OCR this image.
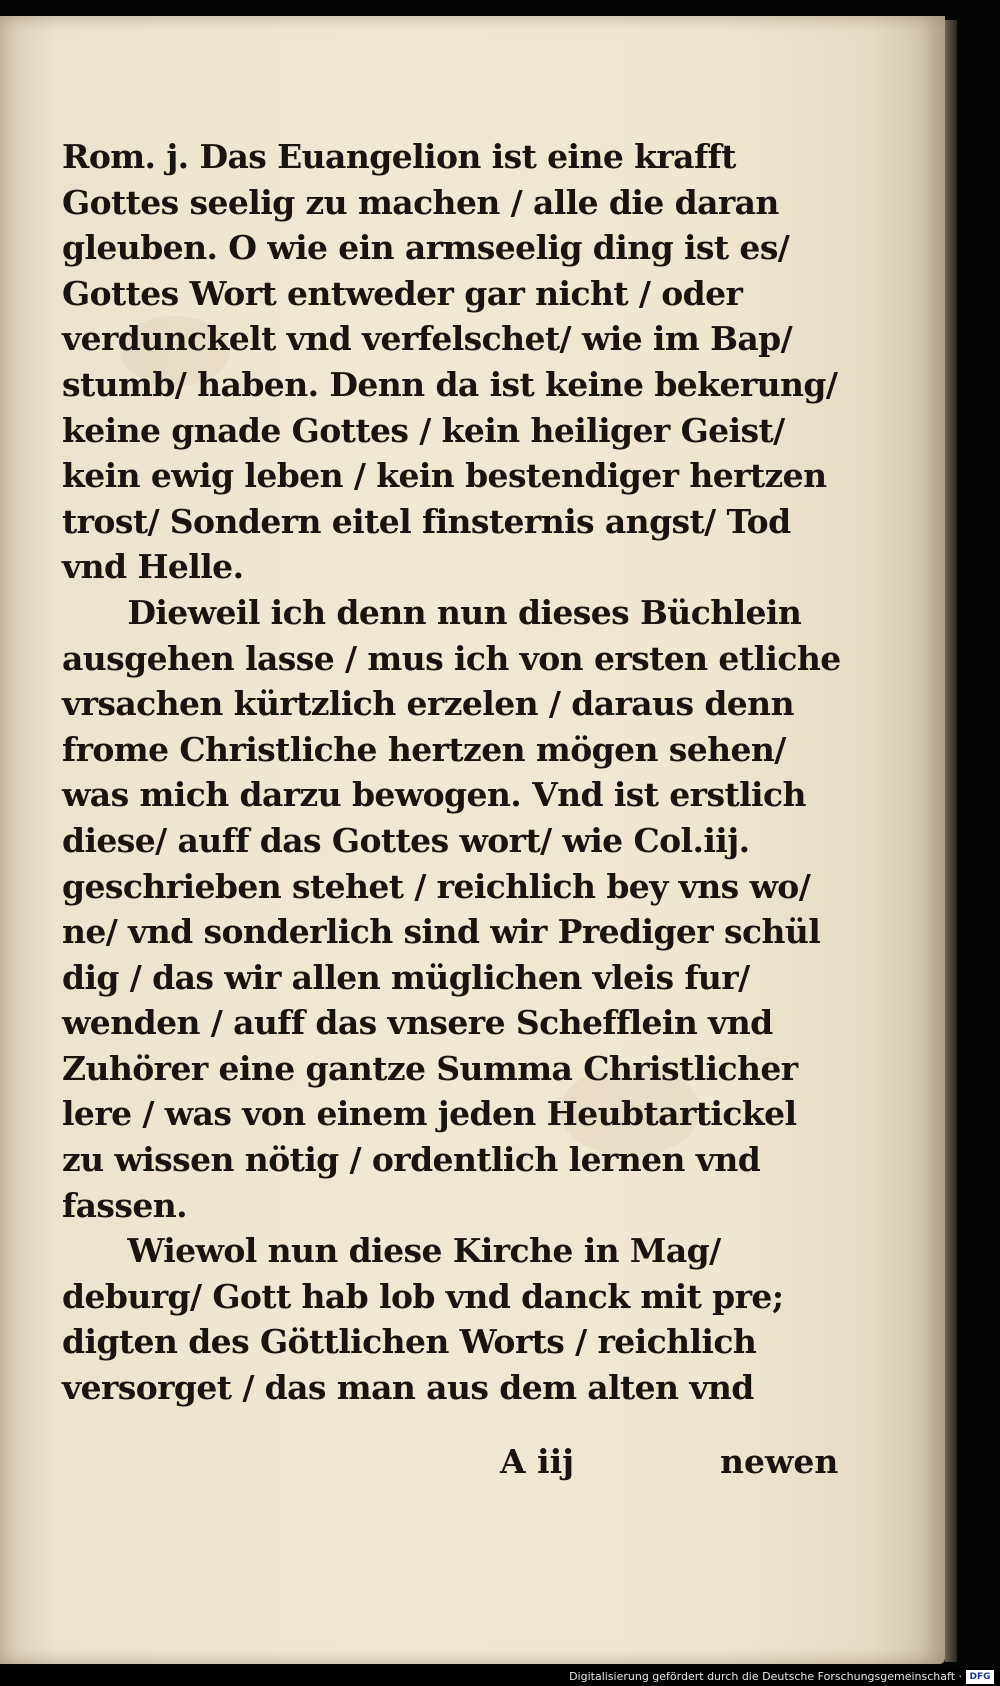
Rom. j. Das Euangelion ist eine krafft
Gottes seelig zu machen / alle die daran
gleuben. O wie ein armseelig ding ist es/
Gottes Wort entweder gar nicht / oder
verdunckelt vnd verfelschet/ wie im Bap/
stumb/ haben. Denn da ist keine bekerung/
keine gnade Gottes / kein heiliger Geist/
kein ewig leben / kein bestendiger hertzen
trost/ Sondern eitel finsternis angst/ Tod
vnd Helle.
Dieweil ich denn nun dieses Büchlein
ausgehen lasse / mus ich von ersten etliche
vrsachen kürtzlich erzelen / daraus denn
frome Christliche hertzen mögen sehen/
was mich darzu bewogen. Vnd ist erstlich
diese/ auff das Gottes wort/ wie Col.iij.
geschrieben stehet / reichlich bey vns wo/
ne/ vnd sonderlich sind wir Prediger schül
dig / das wir allen müglichen vleis fur/
wenden / auff das vnsere Schefflein vnd
Zuhörer eine gantze Summa Christlicher
lere / was von einem jeden Heubtartickel
zu wissen nötig / ordentlich lernen vnd
fassen.
Wiewol nun diese Kirche in Mag/
deburg/ Gott hab lob vnd danck mit pre;
digten des Göttlichen Worts / reichlich
versorget / das man aus dem alten vnd
A iij	newen
Digitalisierung gefördert durch die Deutsche Forschungsgemeinschaft · DFG
